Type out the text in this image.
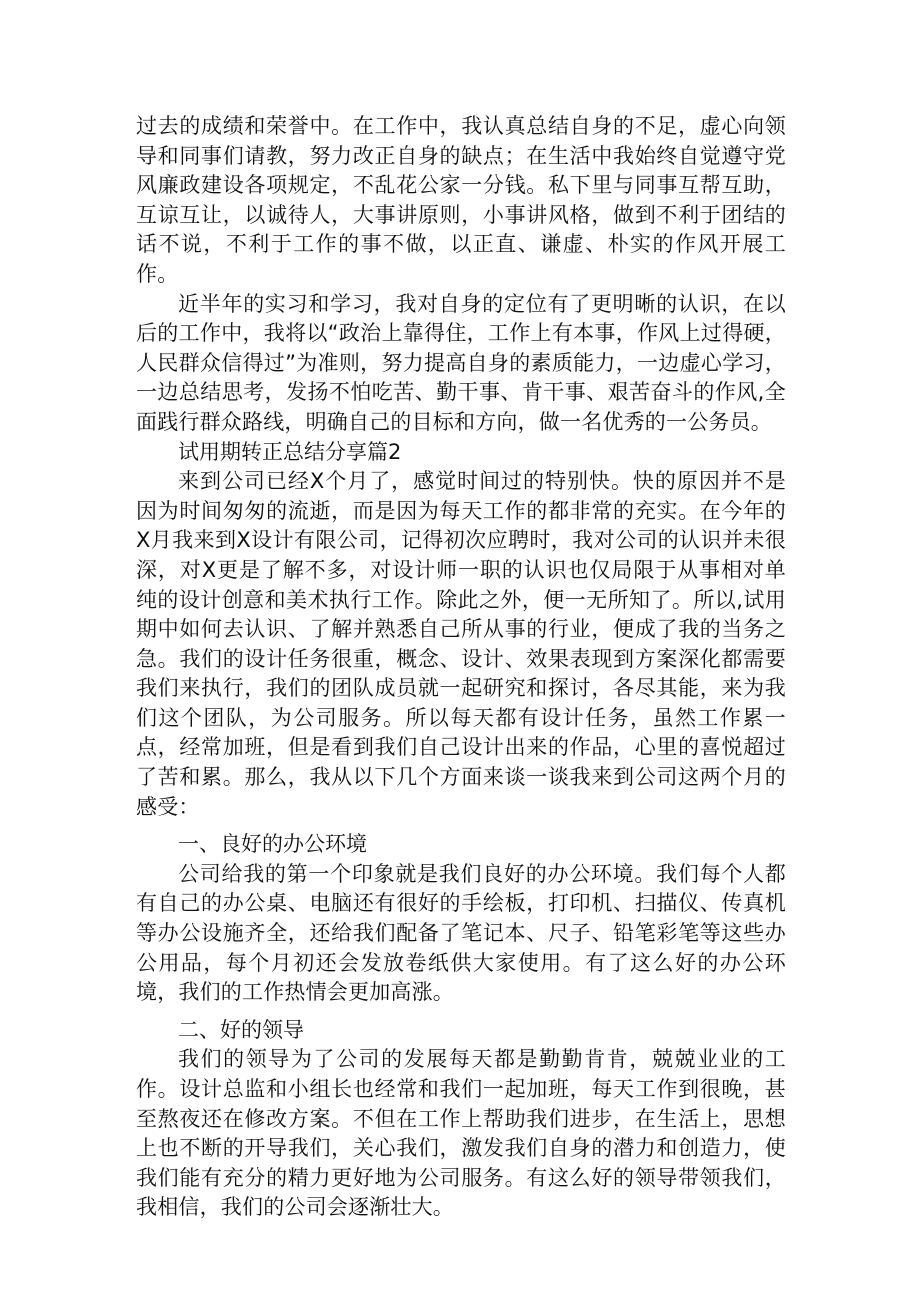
过去的成绩和荣誉中。在工作中，我认真总结自身的不足，虚心向领导和同事们请教，努力改正自身的缺点；在生活中我始终自觉遵守党风廉政建设各项规定，不乱花公家一分钱。私下里与同事互帮互助，互谅互让，以诚待人，大事讲原则，小事讲风格，做到不利于团结的话不说，不利于工作的事不做，以正直、谦虚、朴实的作风开展工作。

近半年的实习和学习，我对自身的定位有了更明晰的认识，在以后的工作中，我将以“政治上靠得住，工作上有本事，作风上过得硬，人民群众信得过”为准则，努力提高自身的素质能力，一边虚心学习，一边总结思考，发扬不怕吃苦、勤干事、肯干事、艰苦奋斗的作风,全面践行群众路线，明确自己的目标和方向，做一名优秀的一公务员。

试用期转正总结分享篇2

来到公司已经X个月了，感觉时间过的特别快。快的原因并不是因为时间匆匆的流逝，而是因为每天工作的都非常的充实。在今年的X月我来到X设计有限公司，记得初次应聘时，我对公司的认识并未很深，对X更是了解不多，对设计师一职的认识也仅局限于从事相对单纯的设计创意和美术执行工作。除此之外，便一无所知了。所以,试用期中如何去认识、了解并熟悉自己所从事的行业，便成了我的当务之急。我们的设计任务很重，概念、设计、效果表现到方案深化都需要我们来执行，我们的团队成员就一起研究和探讨，各尽其能，来为我们这个团队，为公司服务。所以每天都有设计任务，虽然工作累一点，经常加班，但是看到我们自己设计出来的作品，心里的喜悦超过了苦和累。那么，我从以下几个方面来谈一谈我来到公司这两个月的感受：

一、良好的办公环境

公司给我的第一个印象就是我们良好的办公环境。我们每个人都有自己的办公桌、电脑还有很好的手绘板，打印机、扫描仪、传真机等办公设施齐全，还给我们配备了笔记本、尺子、铅笔彩笔等这些办公用品，每个月初还会发放卷纸供大家使用。有了这么好的办公环境，我们的工作热情会更加高涨。

二、好的领导

我们的领导为了公司的发展每天都是勤勤肯肯，兢兢业业的工作。设计总监和小组长也经常和我们一起加班，每天工作到很晚，甚至熬夜还在修改方案。不但在工作上帮助我们进步，在生活上，思想上也不断的开导我们，关心我们，激发我们自身的潜力和创造力，使我们能有充分的精力更好地为公司服务。有这么好的领导带领我们，我相信，我们的公司会逐渐壮大。
